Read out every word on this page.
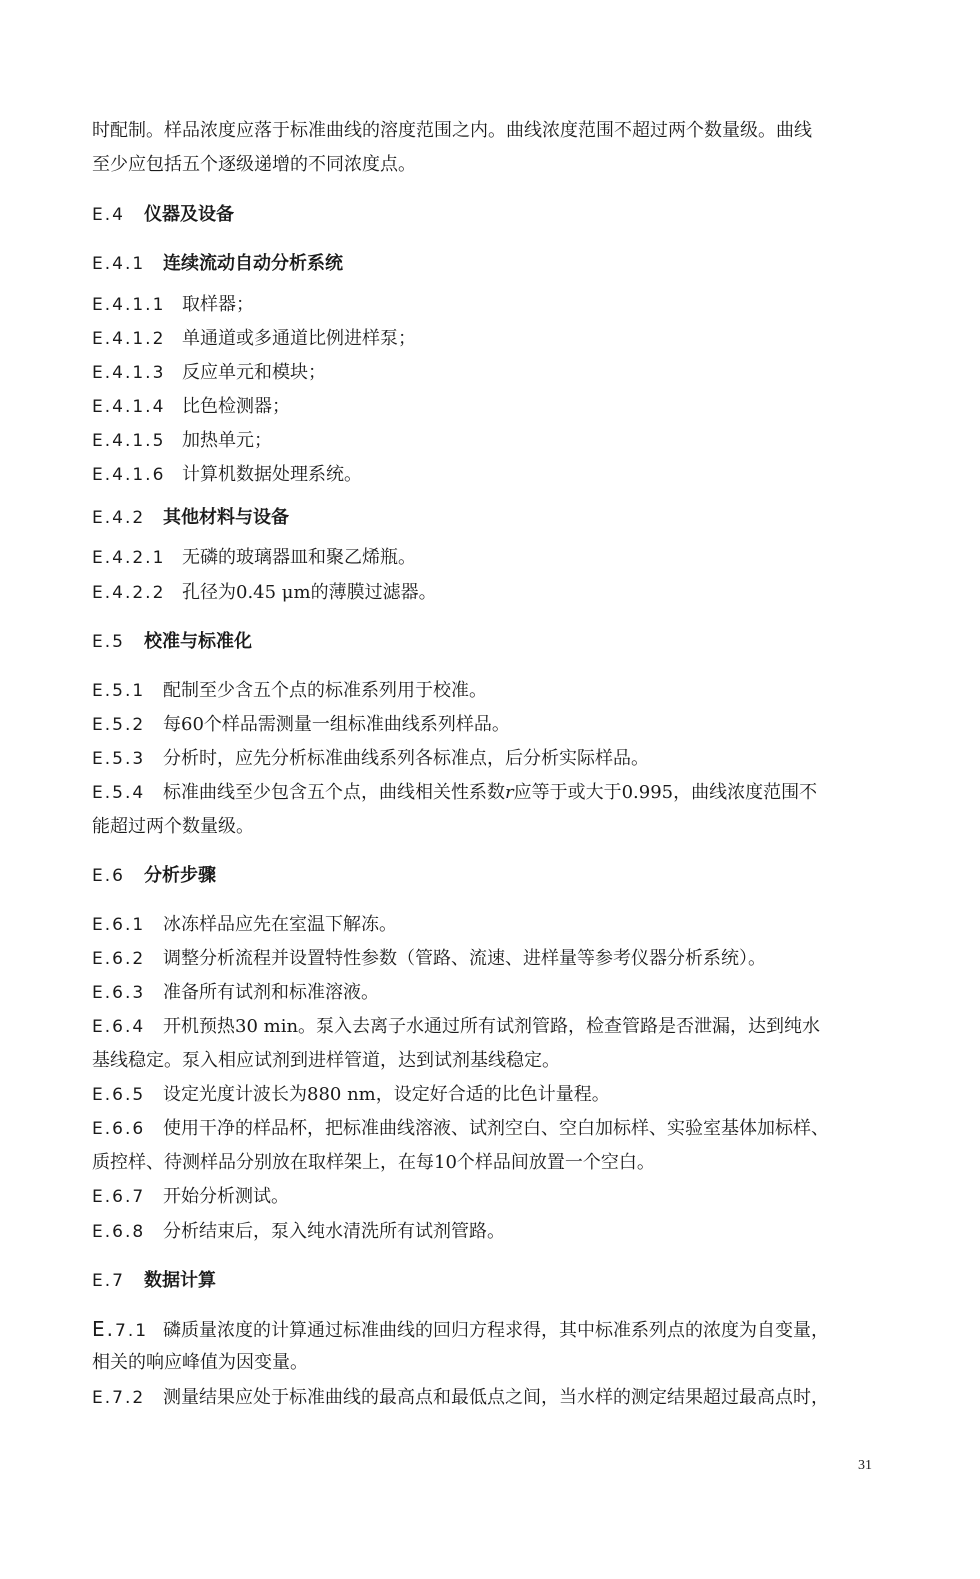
时配制。样品浓度应落于标准曲线的溶度范围之内。曲线浓度范围不超过两个数量级。曲线
至少应包括五个逐级递增的不同浓度点。
E.4 仪器及设备
E.4.1 连续流动自动分析系统
E.4.1.1 取样器；
E.4.1.2 单通道或多通道比例进样泵；
E.4.1.3 反应单元和模块；
E.4.1.4 比色检测器；
E.4.1.5 加热单元；
E.4.1.6 计算机数据处理系统。
E.4.2 其他材料与设备
E.4.2.1 无磷的玻璃器皿和聚乙烯瓶。
E.4.2.2 孔径为0.45 μm的薄膜过滤器。
E.5 校准与标准化
E.5.1 配制至少含五个点的标准系列用于校准。
E.5.2 每60个样品需测量一组标准曲线系列样品。
E.5.3 分析时，应先分析标准曲线系列各标准点，后分析实际样品。
E.5.4 标准曲线至少包含五个点，曲线相关性系数r应等于或大于0.995，曲线浓度范围不
能超过两个数量级。
E.6 分析步骤
E.6.1 冰冻样品应先在室温下解冻。
E.6.2 调整分析流程并设置特性参数（管路、流速、进样量等参考仪器分析系统）。
E.6.3 准备所有试剂和标准溶液。
E.6.4 开机预热30 min。泵入去离子水通过所有试剂管路，检查管路是否泄漏，达到纯水
基线稳定。泵入相应试剂到进样管道，达到试剂基线稳定。
E.6.5 设定光度计波长为880 nm，设定好合适的比色计量程。
E.6.6 使用干净的样品杯，把标准曲线溶液、试剂空白、空白加标样、实验室基体加标样、
质控样、待测样品分别放在取样架上，在每10个样品间放置一个空白。
E.6.7 开始分析测试。
E.6.8 分析结束后，泵入纯水清洗所有试剂管路。
E.7 数据计算
E.7.1 磷质量浓度的计算通过标准曲线的回归方程求得，其中标准系列点的浓度为自变量，
相关的响应峰值为因变量。
E.7.2 测量结果应处于标准曲线的最高点和最低点之间，当水样的测定结果超过最高点时，
31
